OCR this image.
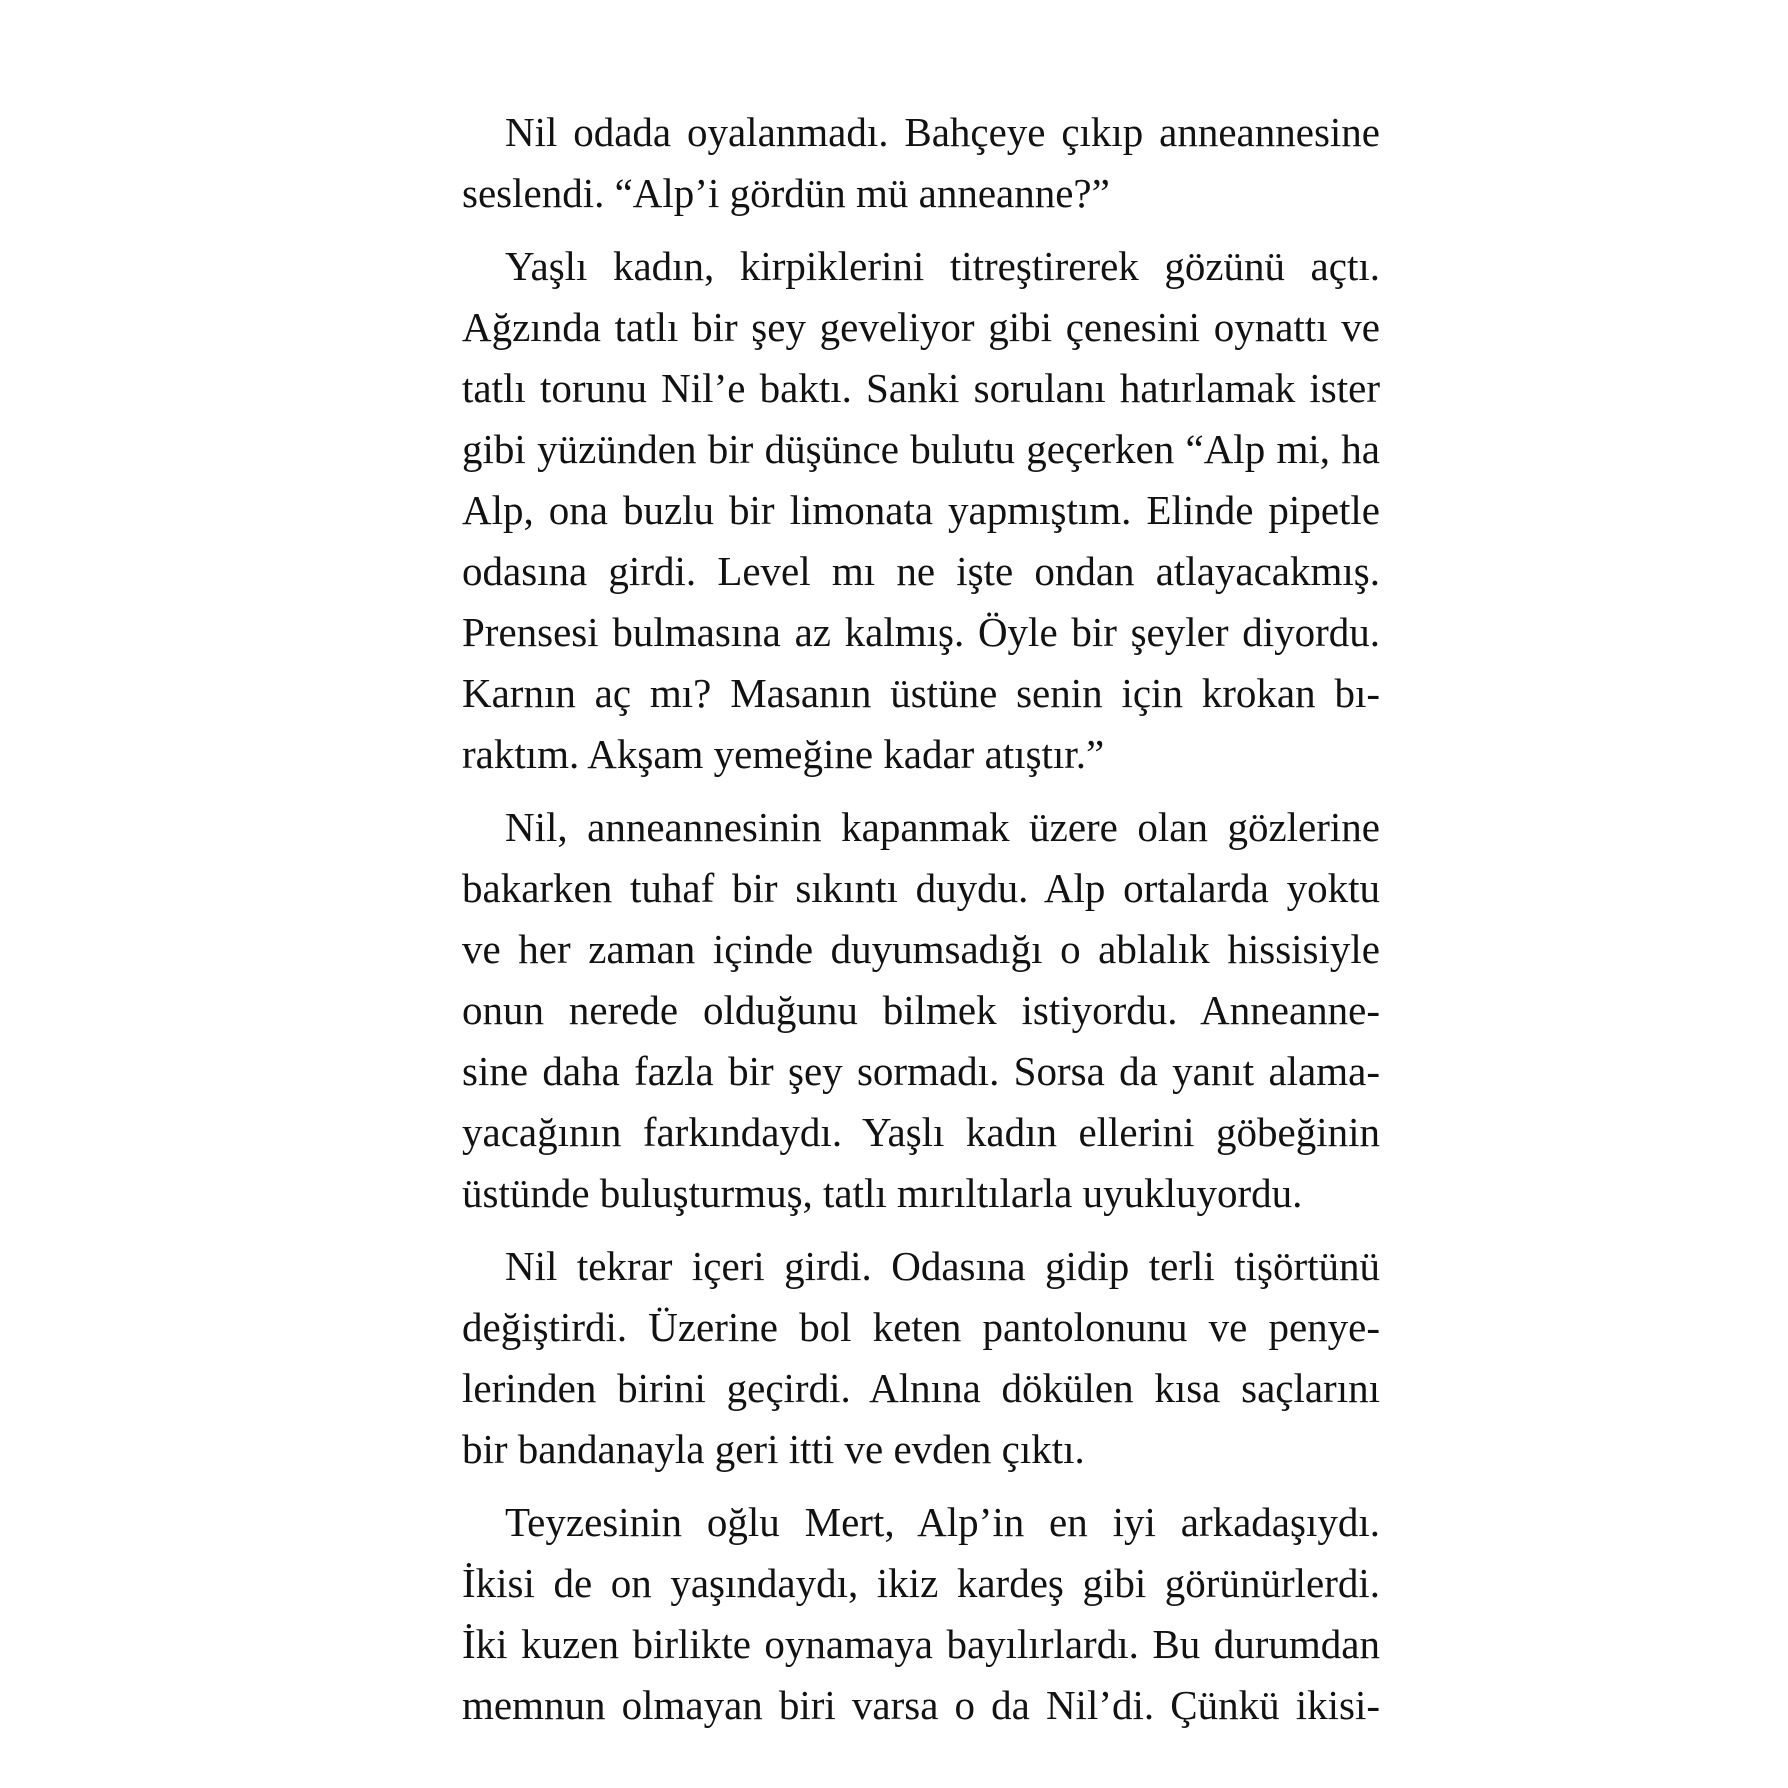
Nil odada oyalanmadı. Bahçeye çıkıp anneannesine
seslendi. “Alp’i gördün mü anneanne?”
Yaşlı kadın, kirpiklerini titreştirerek gözünü açtı.
Ağzında tatlı bir şey geveliyor gibi çenesini oynattı ve
tatlı torunu Nil’e baktı. Sanki sorulanı hatırlamak ister
gibi yüzünden bir düşünce bulutu geçerken “Alp mi, ha
Alp, ona buzlu bir limonata yapmıştım. Elinde pipetle
odasına girdi. Level mı ne işte ondan atlayacakmış.
Prensesi bulmasına az kalmış. Öyle bir şeyler diyordu.
Karnın aç mı? Masanın üstüne senin için krokan bı-
raktım. Akşam yemeğine kadar atıştır.”
Nil, anneannesinin kapanmak üzere olan gözlerine
bakarken tuhaf bir sıkıntı duydu. Alp ortalarda yoktu
ve her zaman içinde duyumsadığı o ablalık hissisiyle
onun nerede olduğunu bilmek istiyordu. Anneanne-
sine daha fazla bir şey sormadı. Sorsa da yanıt alama-
yacağının farkındaydı. Yaşlı kadın ellerini göbeğinin
üstünde buluşturmuş, tatlı mırıltılarla uyukluyordu.
Nil tekrar içeri girdi. Odasına gidip terli tişörtünü
değiştirdi. Üzerine bol keten pantolonunu ve penye-
lerinden birini geçirdi. Alnına dökülen kısa saçlarını
bir bandanayla geri itti ve evden çıktı.
Teyzesinin oğlu Mert, Alp’in en iyi arkadaşıydı.
İkisi de on yaşındaydı, ikiz kardeş gibi görünürlerdi.
İki kuzen birlikte oynamaya bayılırlardı. Bu durumdan
memnun olmayan biri varsa o da Nil’di. Çünkü ikisi-
